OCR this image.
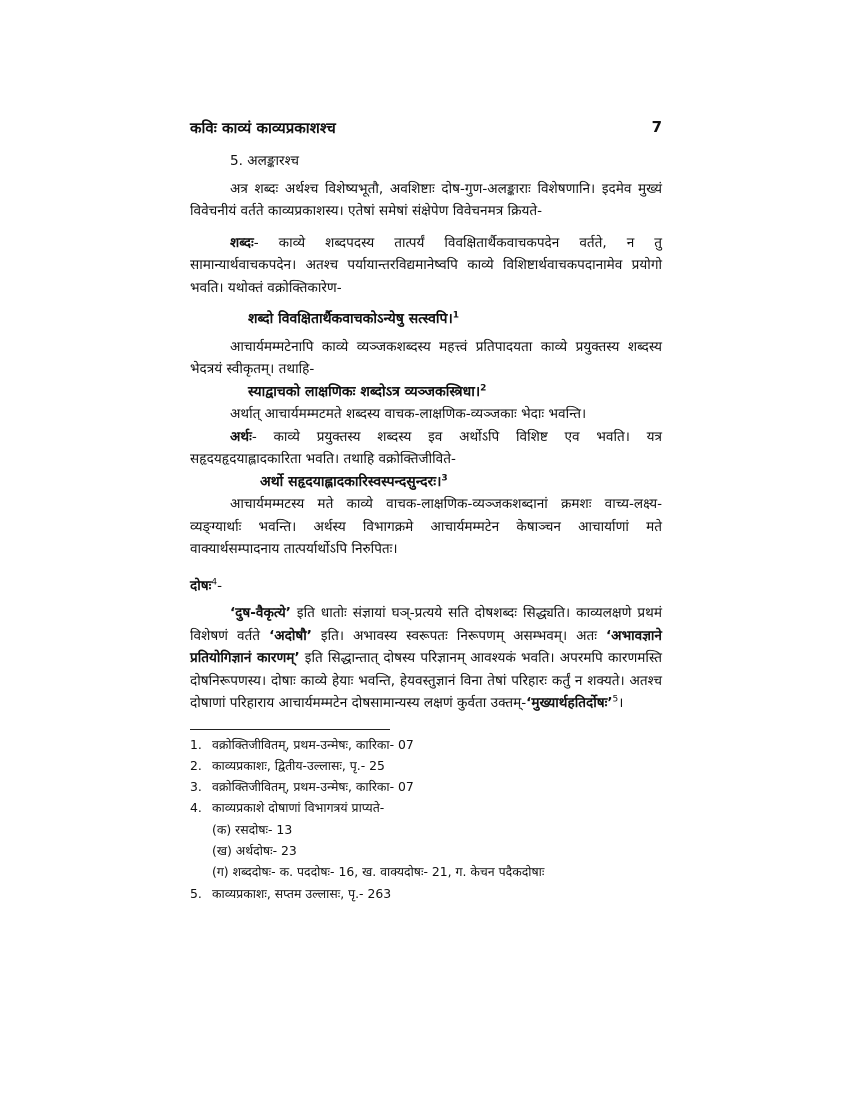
कविः काव्यं काव्यप्रकाशश्च	7

5. अलङ्कारश्च

अत्र शब्दः अर्थश्च विशेष्यभूतौ, अवशिष्टाः दोष-गुण-अलङ्काराः विशेषणानि। इदमेव मुख्यं विवेचनीयं वर्तते काव्यप्रकाशस्य। एतेषां समेषां संक्षेपेण विवेचनमत्र क्रियते-

शब्दः- काव्ये शब्दपदस्य तात्पर्यं विवक्षितार्थैकवाचकपदेन वर्तते, न तु सामान्यार्थवाचकपदेन। अतश्च पर्यायान्तरविद्यमानेष्वपि काव्ये विशिष्टार्थवाचकपदानामेव प्रयोगो भवति। यथोक्तं वक्रोक्तिकारेण-

शब्दो विवक्षितार्थैकवाचकोऽन्येषु सत्स्वपि।$^1$

आचार्यमम्मटेनापि काव्ये व्यञ्जकशब्दस्य महत्त्वं प्रतिपादयता काव्ये प्रयुक्तस्य शब्दस्य भेदत्रयं स्वीकृतम्। तथाहि-

स्याद्वाचको लाक्षणिकः शब्दोऽत्र व्यञ्जकस्त्रिधा।$^2$

अर्थात् आचार्यमम्मटमते शब्दस्य वाचक-लाक्षणिक-व्यञ्जकाः भेदाः भवन्ति।

अर्थः- काव्ये प्रयुक्तस्य शब्दस्य इव अर्थोऽपि विशिष्ट एव भवति। यत्र सहृदयहृदयाह्लादकारिता भवति। तथाहि वक्रोक्तिजीविते-

अर्थो सहृदयाह्लादकारिस्वस्पन्दसुन्दरः।$^3$

आचार्यमम्मटस्य मते काव्ये वाचक-लाक्षणिक-व्यञ्जकशब्दानां क्रमशः वाच्य-लक्ष्य-व्यङ्ग्यार्थाः भवन्ति। अर्थस्य विभागक्रमे आचार्यमम्मटेन केषाञ्चन आचार्याणां मते वाक्यार्थसम्पादनाय तात्पर्यार्थोऽपि निरुपितः।

दोषः$^4$-

‘दुष-वैकृत्ये’ इति धातोः संज्ञायां घञ्-प्रत्यये सति दोषशब्दः सिद्ध्यति। काव्यलक्षणे प्रथमं विशेषणं वर्तते ‘अदोषौ’ इति। अभावस्य स्वरूपतः निरूपणम् असम्भवम्। अतः ‘अभावज्ञाने प्रतियोगिज्ञानं कारणम्’ इति सिद्धान्तात् दोषस्य परिज्ञानम् आवश्यकं भवति। अपरमपि कारणमस्ति दोषनिरूपणस्य। दोषाः काव्ये हेयाः भवन्ति, हेयवस्तुज्ञानं विना तेषां परिहारः कर्तुं न शक्यते। अतश्च दोषाणां परिहाराय आचार्यमम्मटेन दोषसामान्यस्य लक्षणं कुर्वता उक्तम्-‘मुख्यार्थहतिर्दोषः’$^5$।

1. वक्रोक्तिजीवितम्, प्रथम-उन्मेषः, कारिका- 07
2. काव्यप्रकाशः, द्वितीय-उल्लासः, पृ.- 25
3. वक्रोक्तिजीवितम्, प्रथम-उन्मेषः, कारिका- 07
4. काव्यप्रकाशे दोषाणां विभागत्रयं प्राप्यते-
(क) रसदोषः- 13
(ख) अर्थदोषः- 23
(ग) शब्ददोषः- क. पददोषः- 16, ख. वाक्यदोषः- 21, ग. केचन पदैकदोषाः
5. काव्यप्रकाशः, सप्तम उल्लासः, पृ.- 263
